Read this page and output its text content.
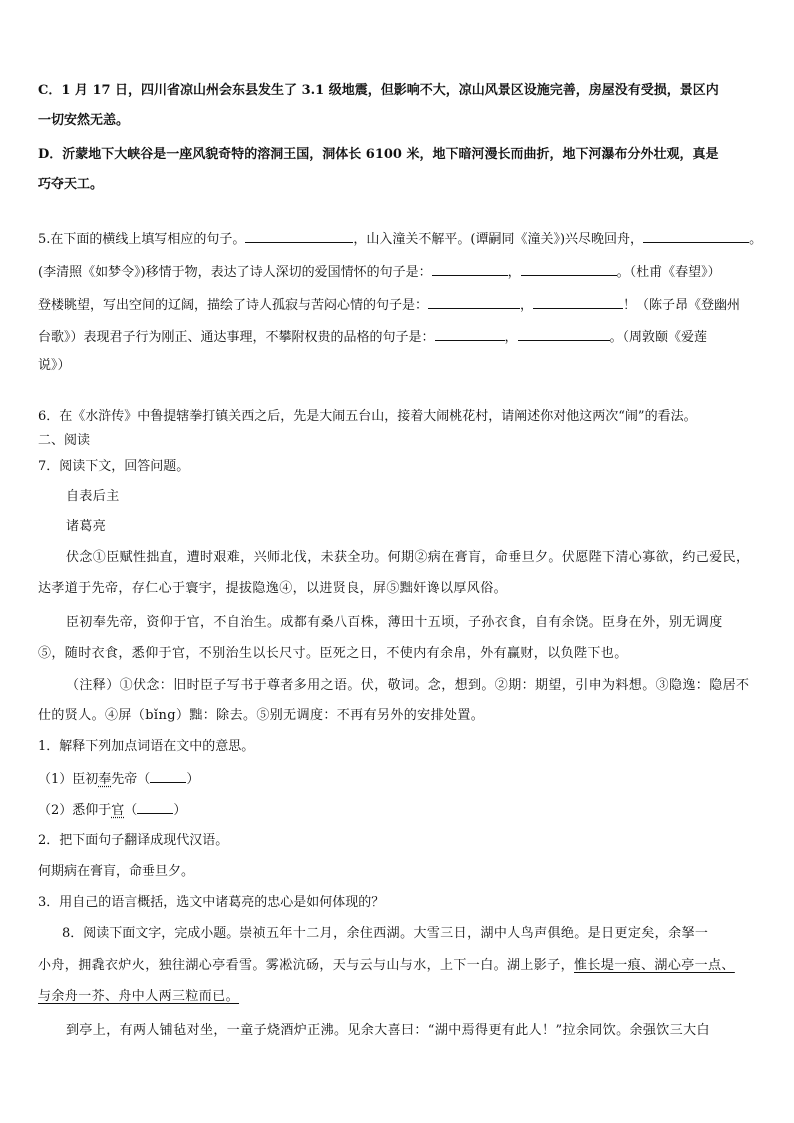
C．1 月 17 日，四川省凉山州会东县发生了 3.1 级地震，但影响不大，凉山风景区设施完善，房屋没有受损，景区内
一切安然无恙。
D．沂蒙地下大峡谷是一座风貌奇特的溶洞王国，洞体长 6100 米，地下暗河漫长而曲折，地下河瀑布分外壮观，真是
巧夺天工。
5.在下面的横线上填写相应的句子。	，山入潼关不解平。(谭嗣同《潼关》)兴尽晚回舟，	。
(李清照《如梦令》)移情于物，表达了诗人深切的爱国情怀的句子是：	，	。（杜甫《春望》）
登楼眺望，写出空间的辽阔，描绘了诗人孤寂与苦闷心情的句子是：	，	！（陈子昂《登幽州
台歌》）表现君子行为刚正、通达事理，不攀附权贵的品格的句子是：	，	。（周敦颐《爱莲
说》）
6．在《水浒传》中鲁提辖拳打镇关西之后，先是大闹五台山，接着大闹桃花村，请阐述你对他这两次“闹”的看法。
二、阅读
7．阅读下文，回答问题。
自表后主
诸葛亮
伏念①臣赋性拙直，遭时艰难，兴师北伐，未获全功。何期②病在膏肓，命垂旦夕。伏愿陛下清心寡欲，约己爱民，
达孝道于先帝，存仁心于寰宇，提拔隐逸④，以进贤良，屏⑤黜奸谗以厚风俗。
臣初奉先帝，资仰于官，不自治生。成都有桑八百株，薄田十五顷，子孙衣食，自有余饶。臣身在外，别无调度
⑤，随时衣食，悉仰于官，不别治生以长尺寸。臣死之日，不使内有余帛，外有赢财，以负陛下也。
（注释）①伏念：旧时臣子写书于尊者多用之语。伏，敬词。念，想到。②期：期望，引申为料想。③隐逸：隐居不
仕的贤人。④屏（bǐng）黜：除去。⑤别无调度：不再有另外的安排处置。
1．解释下列加点词语在文中的意思。
（1）臣初奉先帝（	）
（2）悉仰于官（	）
2．把下面句子翻译成现代汉语。
何期病在膏肓，命垂旦夕。
3．用自己的语言概括，选文中诸葛亮的忠心是如何体现的？
8．阅读下面文字，完成小题。崇祯五年十二月，余住西湖。大雪三日，湖中人鸟声俱绝。是日更定矣，余拏一
小舟，拥毳衣炉火，独往湖心亭看雪。雾凇沆砀，天与云与山与水，上下一白。湖上影子，惟长堤一痕、湖心亭一点、
与余舟一芥、舟中人两三粒而已。
到亭上，有两人铺毡对坐，一童子烧酒炉正沸。见余大喜曰：“湖中焉得更有此人！”拉余同饮。余强饮三大白
